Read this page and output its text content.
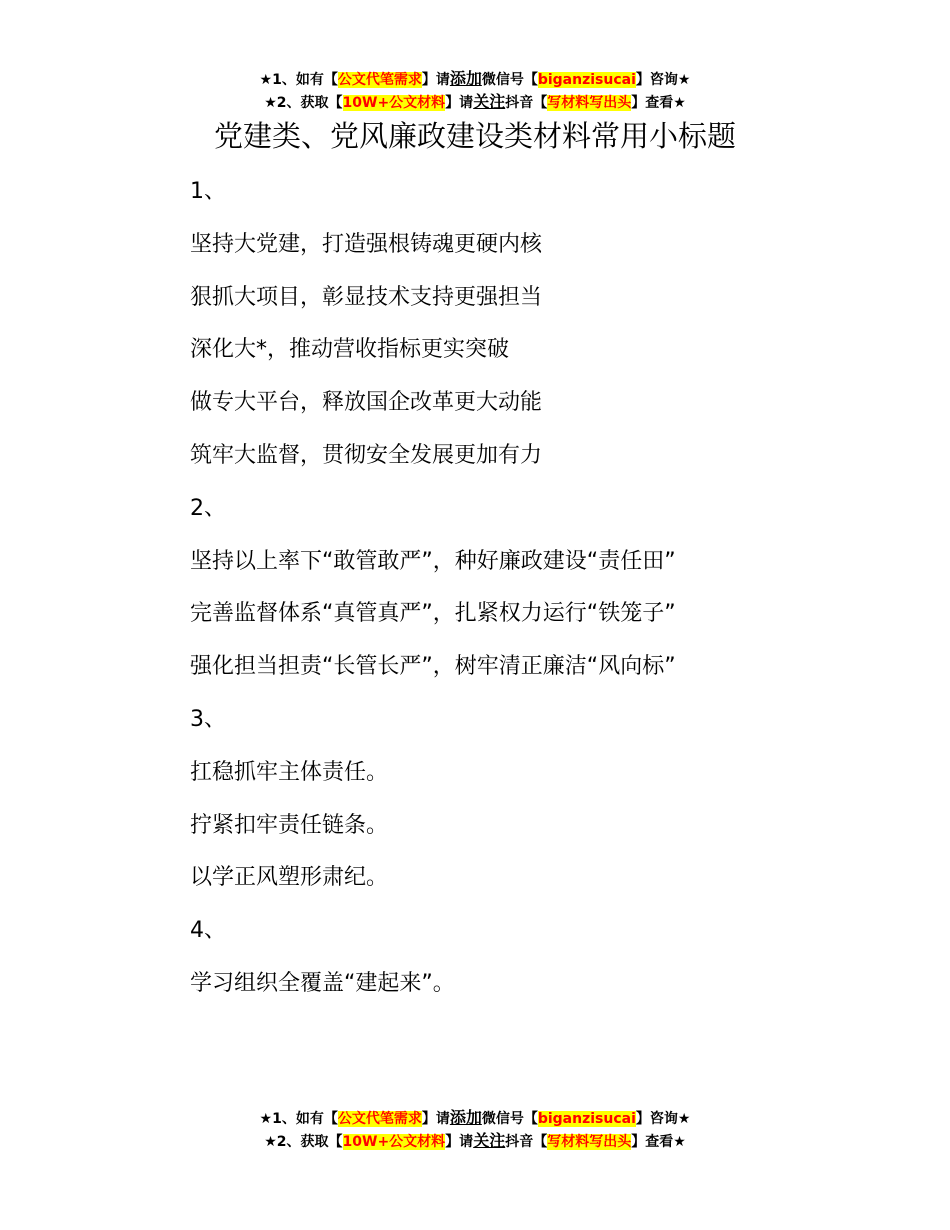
★1、如有【公文代笔需求】请添加微信号【biganzisucai】咨询★
★2、获取【10W+公文材料】请关注抖音【写材料写出头】查看★
党建类、党风廉政建设类材料常用小标题
1、
坚持大党建，打造强根铸魂更硬内核
狠抓大项目，彰显技术支持更强担当
深化大*，推动营收指标更实突破
做专大平台，释放国企改革更大动能
筑牢大监督，贯彻安全发展更加有力
2、
坚持以上率下“敢管敢严”，种好廉政建设“责任田”
完善监督体系“真管真严”，扎紧权力运行“铁笼子”
强化担当担责“长管长严”，树牢清正廉洁“风向标”
3、
扛稳抓牢主体责任。
拧紧扣牢责任链条。
以学正风塑形肃纪。
4、
学习组织全覆盖“建起来”。
★1、如有【公文代笔需求】请添加微信号【biganzisucai】咨询★
★2、获取【10W+公文材料】请关注抖音【写材料写出头】查看★
